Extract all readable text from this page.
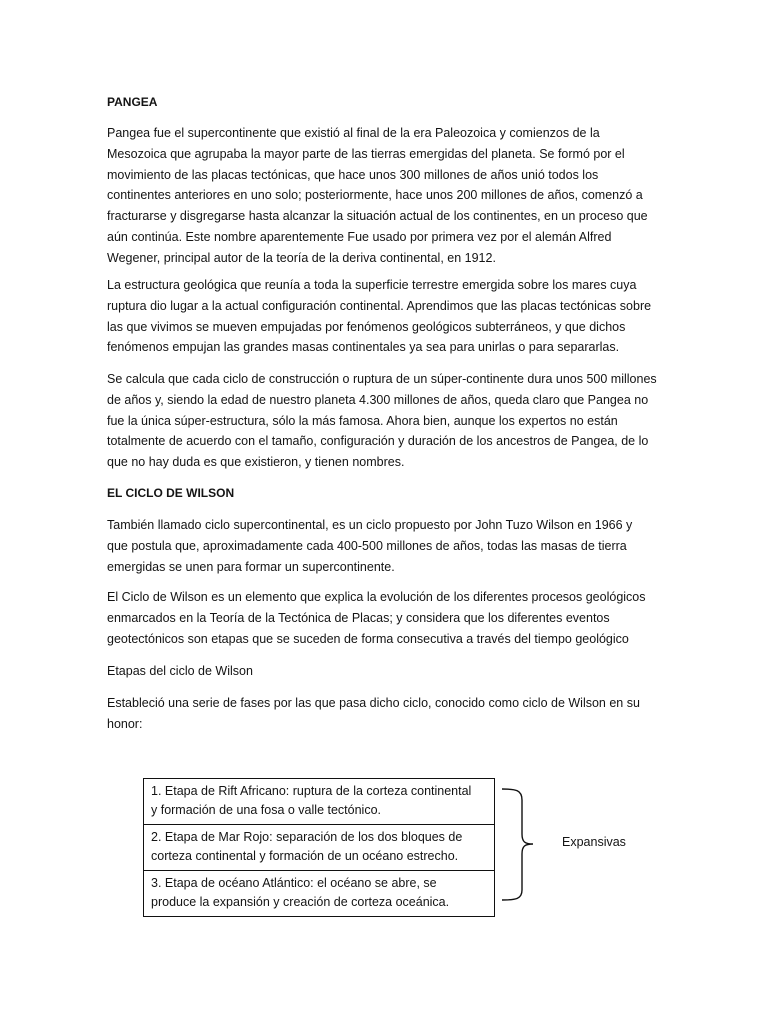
PANGEA
Pangea fue el supercontinente que existió al final de la era Paleozoica y comienzos de la
Mesozoica que agrupaba la mayor parte de las tierras emergidas del planeta. Se formó por el
movimiento de las placas tectónicas, que hace unos 300 millones de años unió todos los
continentes anteriores en uno solo; posteriormente, hace unos 200 millones de años, comenzó a
fracturarse y disgregarse hasta alcanzar la situación actual de los continentes, en un proceso que
aún continúa. Este nombre aparentemente Fue usado por primera vez por el alemán Alfred
Wegener, principal autor de la teoría de la deriva continental, en 1912.
La estructura geológica que reunía a toda la superficie terrestre emergida sobre los mares cuya
ruptura dio lugar a la actual configuración continental. Aprendimos que las placas tectónicas sobre
las que vivimos se mueven empujadas por fenómenos geológicos subterráneos, y que dichos
fenómenos empujan las grandes masas continentales ya sea para unirlas o para separarlas.
Se calcula que cada ciclo de construcción o ruptura de un súper-continente dura unos 500 millones
de años y, siendo la edad de nuestro planeta 4.300 millones de años, queda claro que Pangea no
fue la única súper-estructura, sólo la más famosa. Ahora bien, aunque los expertos no están
totalmente de acuerdo con el tamaño, configuración y duración de los ancestros de Pangea, de lo
que no hay duda es que existieron, y tienen nombres.
EL CICLO DE WILSON
También llamado ciclo supercontinental, es un ciclo propuesto por John Tuzo Wilson en 1966 y
que postula que, aproximadamente cada 400-500 millones de años, todas las masas de tierra
emergidas se unen para formar un supercontinente.
El Ciclo de Wilson es un elemento que explica la evolución de los diferentes procesos geológicos
enmarcados en la Teoría de la Tectónica de Placas; y considera que los diferentes eventos
geotectónicos son etapas que se suceden de forma consecutiva a través del tiempo geológico
Etapas del ciclo de Wilson
Estableció una serie de fases por las que pasa dicho ciclo, conocido como ciclo de Wilson en su
honor:
1. Etapa de Rift Africano: ruptura de la corteza continental
y formación de una fosa o valle tectónico.
2. Etapa de Mar Rojo: separación de los dos bloques de
corteza continental y formación de un océano estrecho.
3. Etapa de océano Atlántico: el océano se abre, se
produce la expansión y creación de corteza oceánica.
Expansivas
